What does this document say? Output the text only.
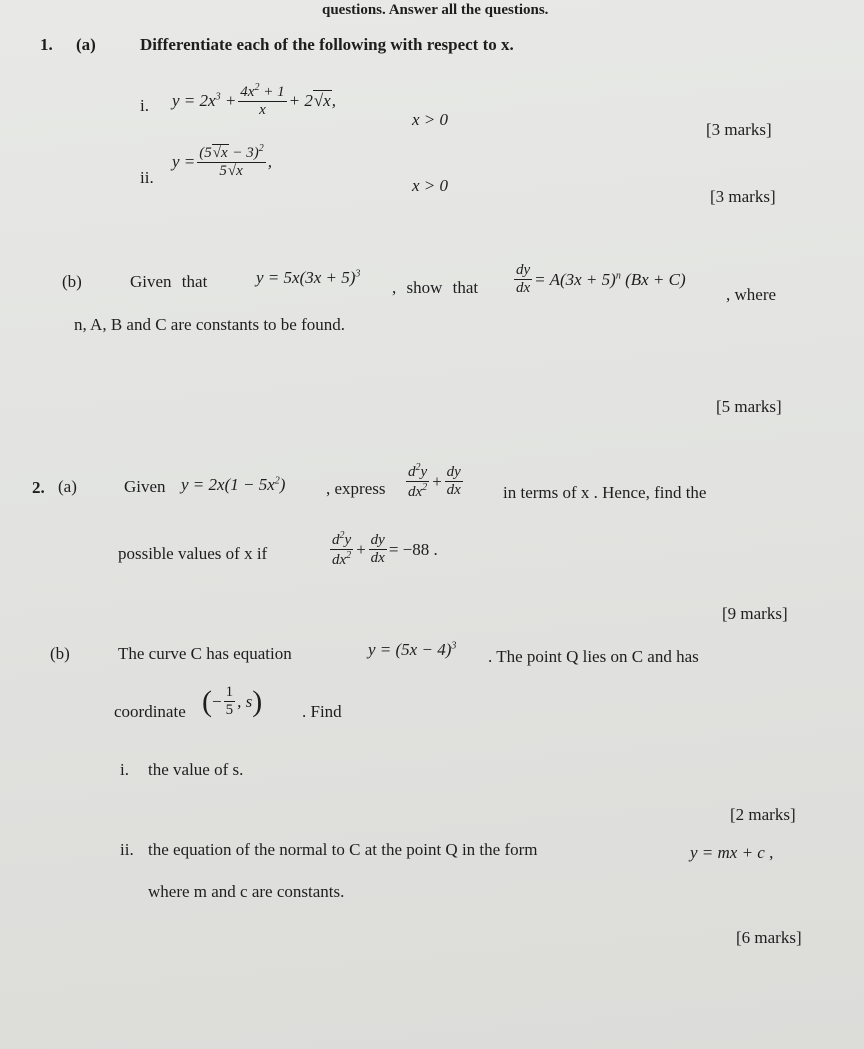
questions. Answer all the questions.
1. (a)	Differentiate each of the following with respect to x.
i. $y = 2x^3 + \frac{4x^2 + 1}{x} + 2√x$,
x > 0
[3 marks]
ii.
$y = \frac{(5√x - 3)^2}{5√x}$ ,
x > 0
[3 marks]
(b)	Given that	$y = 5x(3x + 5)^3$
, show that $\frac{dy}{dx} = A(3x + 5)^n$ (Bx + C)
, where
n, A, B and C are constants to be found.
[5 marks]
2. (a)	Given $y = 2x(1 - 5x^2)$ , express $\frac{d^2y}{dx^2} + \frac{dy}{dx}$ in terms of x . Hence, find the
possible values of x if	$\frac{d^2y}{dx^2} + \frac{dy}{dx} = -88$ .
[9 marks]
(b)	The curve C has equation	$y = (5x - 4)^3$
. The point Q lies on C and has
coordinate ( − $\frac{1}{5}$ , s ) . Find
i. the value of s.
[2 marks]
ii. the equation of the normal to C at the point Q in the form	y = mx + c ,
where m and c are constants.
[6 marks]
